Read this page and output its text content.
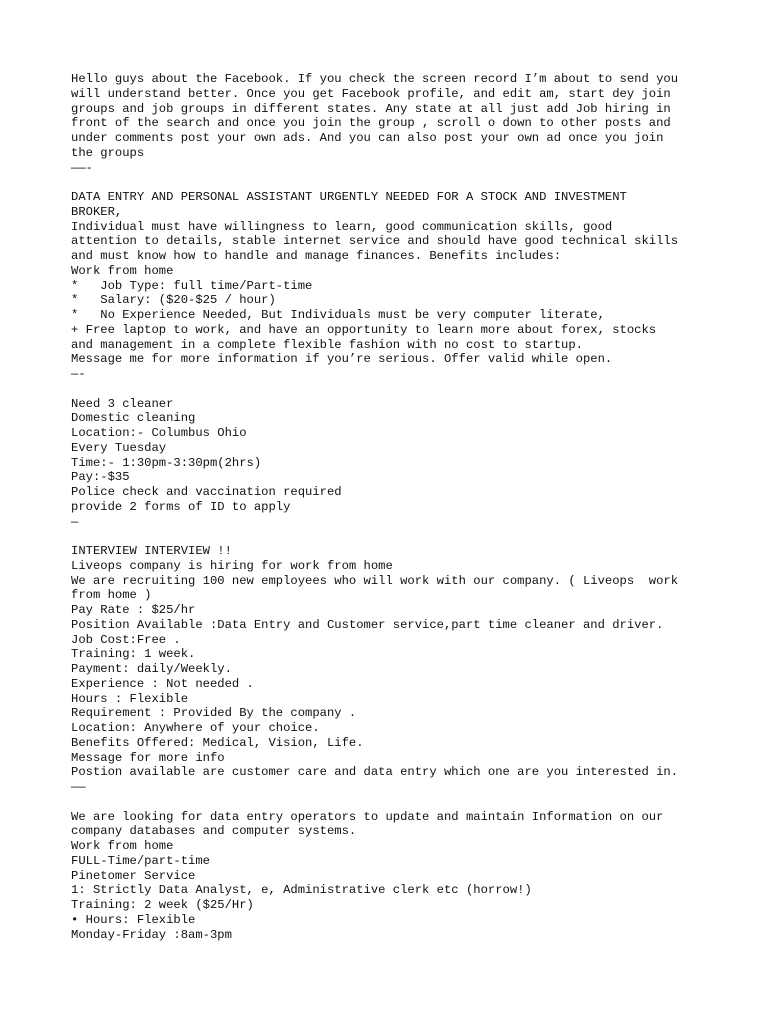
Hello guys about the Facebook. If you check the screen record I’m about to send you
will understand better. Once you get Facebook profile, and edit am, start dey join
groups and job groups in different states. Any state at all just add Job hiring in
front of the search and once you join the group , scroll o down to other posts and
under comments post your own ads. And you can also post your own ad once you join
the groups
——-
DATA ENTRY AND PERSONAL ASSISTANT URGENTLY NEEDED FOR A STOCK AND INVESTMENT
BROKER,
Individual must have willingness to learn, good communication skills, good
attention to details, stable internet service and should have good technical skills
and must know how to handle and manage finances. Benefits includes:
Work from home
*   Job Type: full time/Part-time
*   Salary: ($20-$25 / hour)
*   No Experience Needed, But Individuals must be very computer literate,
+ Free laptop to work, and have an opportunity to learn more about forex, stocks
and management in a complete flexible fashion with no cost to startup.
Message me for more information if you’re serious. Offer valid while open.
—-
Need 3 cleaner
Domestic cleaning
Location:- Columbus Ohio
Every Tuesday
Time:- 1:30pm-3:30pm(2hrs)
Pay:-$35
Police check and vaccination required
provide 2 forms of ID to apply
—
INTERVIEW INTERVIEW !!
Liveops company is hiring for work from home
We are recruiting 100 new employees who will work with our company. ( Liveops  work
from home )
Pay Rate : $25/hr
Position Available :Data Entry and Customer service,part time cleaner and driver.
Job Cost:Free .
Training: 1 week.
Payment: daily/Weekly.
Experience : Not needed .
Hours : Flexible
Requirement : Provided By the company .
Location: Anywhere of your choice.
Benefits Offered: Medical, Vision, Life.
Message for more info
Postion available are customer care and data entry which one are you interested in.
——
We are looking for data entry operators to update and maintain Information on our
company databases and computer systems.
Work from home
FULL-Time/part-time
Pinetomer Service
1: Strictly Data Analyst, e, Administrative clerk etc (horrow!)
Training: 2 week ($25/Hr)
• Hours: Flexible
Monday-Friday :8am-3pm
